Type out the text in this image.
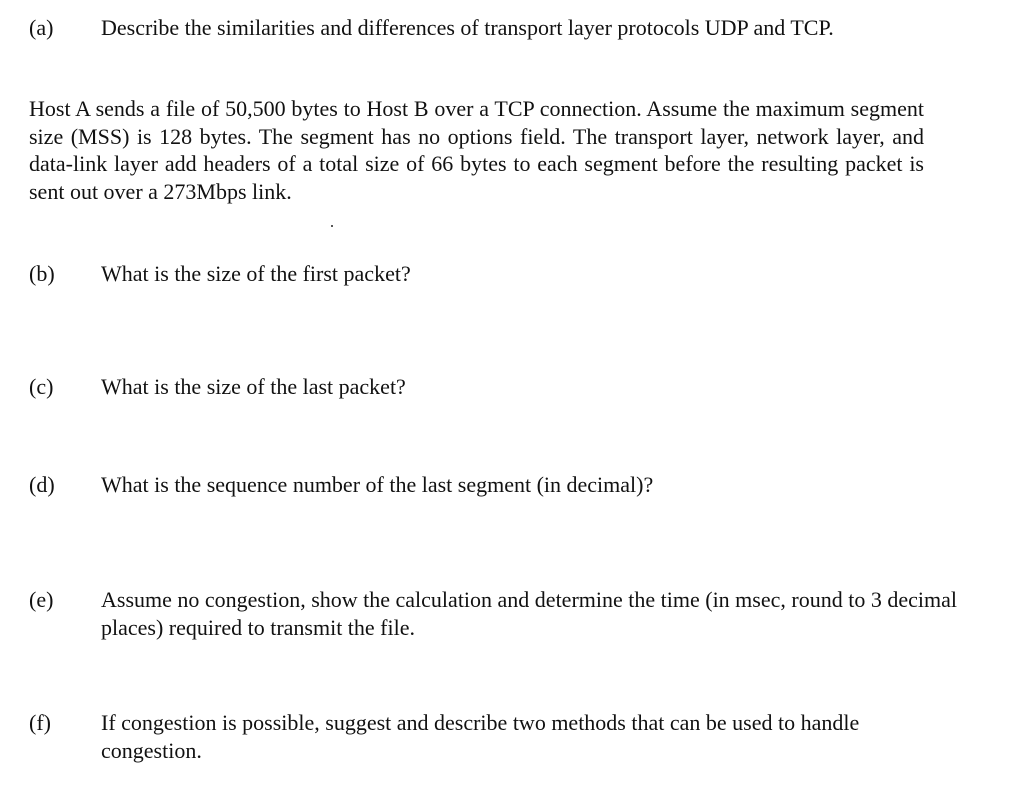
(a)	Describe the similarities and differences of transport layer protocols UDP and TCP.
Host A sends a file of 50,500 bytes to Host B over a TCP connection. Assume the maximum segment size (MSS) is 128 bytes. The segment has no options field. The transport layer, network layer, and data-link layer add headers of a total size of 66 bytes to each segment before the resulting packet is sent out over a 273Mbps link.
(b)	What is the size of the first packet?
(c)	What is the size of the last packet?
(d)	What is the sequence number of the last segment (in decimal)?
(e)	Assume no congestion, show the calculation and determine the time (in msec, round to 3 decimal places) required to transmit the file.
(f)	If congestion is possible, suggest and describe two methods that can be used to handle congestion.
